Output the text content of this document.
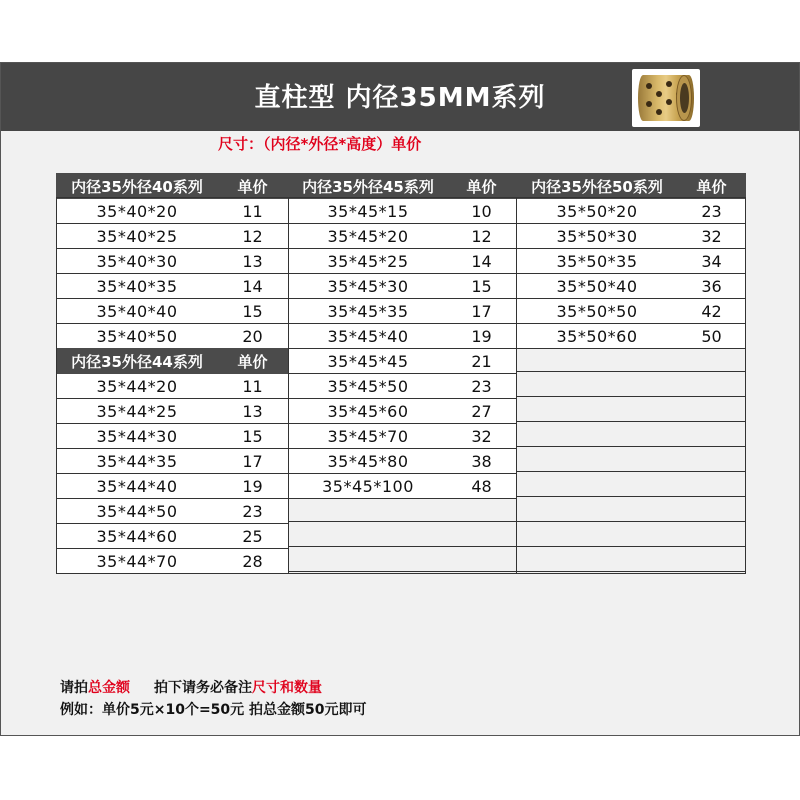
直柱型 内径35MM系列
尺寸：（内径*外径*高度）单价
内径35外径40系列	单价
35*40*20	11
35*40*25	12
35*40*30	13
35*40*35	14
35*40*40	15
35*40*50	20
内径35外径44系列	单价
35*44*20	11
35*44*25	13
35*44*30	15
35*44*35	17
35*44*40	19
35*44*50	23
35*44*60	25
35*44*70	28
内径35外径45系列	单价
35*45*15	10
35*45*20	12
35*45*25	14
35*45*30	15
35*45*35	17
35*45*40	19
35*45*45	21
35*45*50	23
35*45*60	27
35*45*70	32
35*45*80	38
35*45*100	48
内径35外径50系列	单价
35*50*20	23
35*50*30	32
35*50*35	34
35*50*40	36
35*50*50	42
35*50*60	50
请拍总金额 拍下请务必备注尺寸和数量
例如：单价5元×10个=50元 拍总金额50元即可
